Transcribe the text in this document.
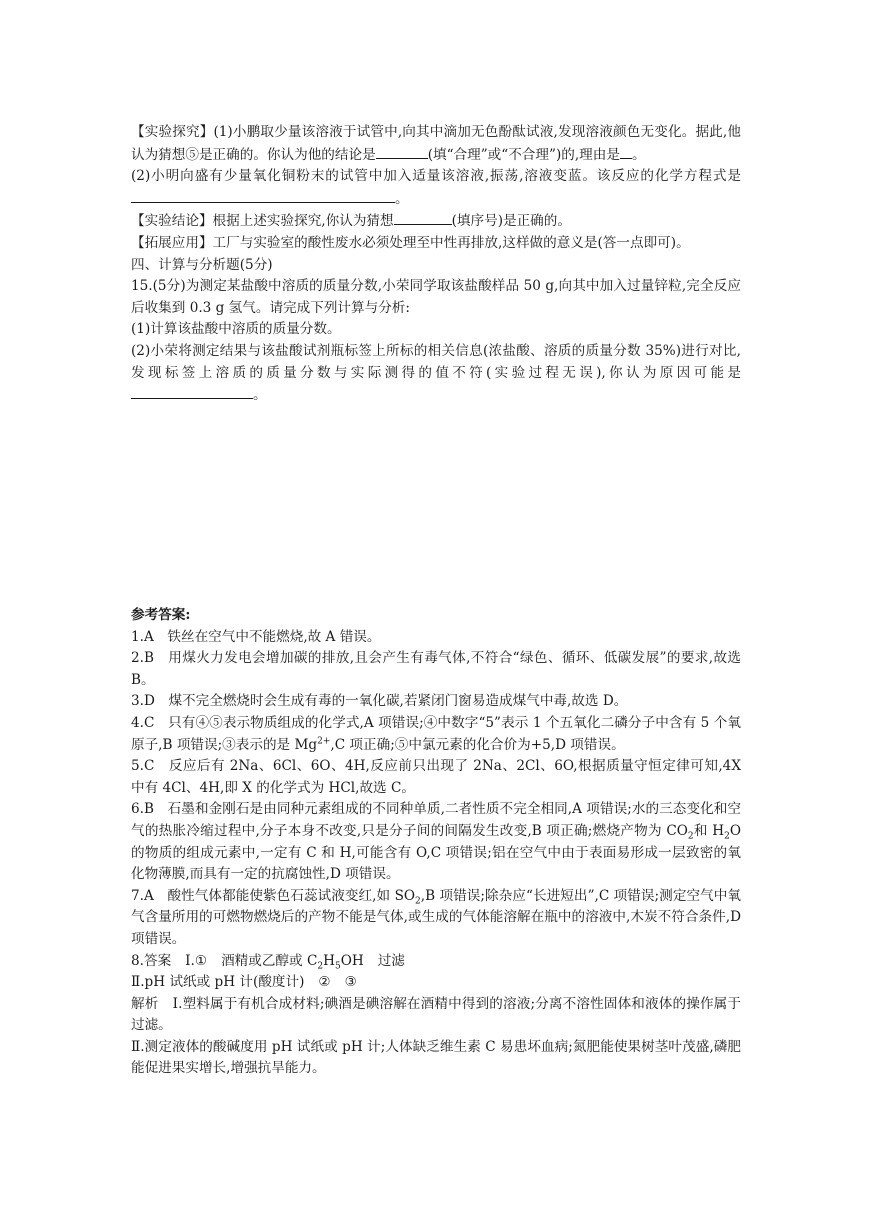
【实验探究】(1)小鹏取少量该溶液于试管中,向其中滴加无色酚酞试液,发现溶液颜色无变化。据此,他认为猜想⑤是正确的。你认为他的结论是	(填“合理”或“不合理”)的,理由是 。

(2)小明向盛有少量氧化铜粉末的试管中加入适量该溶液,振荡,溶液变蓝。该反应的化学方程式是。

【实验结论】根据上述实验探究,你认为猜想	(填序号)是正确的。

【拓展应用】工厂与实验室的酸性废水必须处理至中性再排放,这样做的意义是(答一点即可)。

四、计算与分析题(5分)

15.(5分)为测定某盐酸中溶质的质量分数,小荣同学取该盐酸样品 50 g,向其中加入过量锌粒,完全反应后收集到 0.3 g 氢气。请完成下列计算与分析:

(1)计算该盐酸中溶质的质量分数。

(2)小荣将测定结果与该盐酸试剂瓶标签上所标的相关信息(浓盐酸、溶质的质量分数 35%)进行对比,发现标签上溶质的质量分数与实际测得的值不符(实验过程无误),你认为原因可能是。

参考答案:

1.A　铁丝在空气中不能燃烧,故 A 错误。

2.B　用煤火力发电会增加碳的排放,且会产生有毒气体,不符合“绿色、循环、低碳发展”的要求,故选 B。

3.D　煤不完全燃烧时会生成有毒的一氧化碳,若紧闭门窗易造成煤气中毒,故选 D。

4.C　只有④⑤表示物质组成的化学式,A 项错误;④中数字“5”表示 1 个五氧化二磷分子中含有 5 个氧原子,B 项错误;③表示的是 $Mg^{2+},C$ 项正确;⑤中氯元素的化合价为+5,D 项错误。

5.C　反应后有 2Na、6Cl、6O、4H,反应前只出现了 2Na、2Cl、6O,根据质量守恒定律可知,4X 中有 4Cl、4H,即 X 的化学式为 HCl,故选 C。

6.B　石墨和金刚石是由同种元素组成的不同种单质,二者性质不完全相同,A 项错误;水的三态变化和空气的热胀冷缩过程中,分子本身不改变,只是分子间的间隔发生改变,B 项正确;燃烧产物为 $CO_2$和 $H_2O$ 的物质的组成元素中,一定有 C 和 H,可能含有 O,C 项错误;铝在空气中由于表面易形成一层致密的氧化物薄膜,而具有一定的抗腐蚀性,D 项错误。

7.A　酸性气体都能使紫色石蕊试液变红,如 $SO_2,B$ 项错误;除杂应“长进短出”,C 项错误;测定空气中氧气含量所用的可燃物燃烧后的产物不能是气体,或生成的气体能溶解在瓶中的溶液中,木炭不符合条件,D 项错误。

8.答案 Ⅰ.① 酒精或乙醇或 $C_2H_5OH$ 过滤

Ⅱ.pH 试纸或 pH 计(酸度计) ② ③

解析 Ⅰ.塑料属于有机合成材料;碘酒是碘溶解在酒精中得到的溶液;分离不溶性固体和液体的操作属于过滤。

Ⅱ.测定液体的酸碱度用 pH 试纸或 pH 计;人体缺乏维生素 C 易患坏血病;氮肥能使果树茎叶茂盛,磷肥能促进果实增长,增强抗旱能力。
